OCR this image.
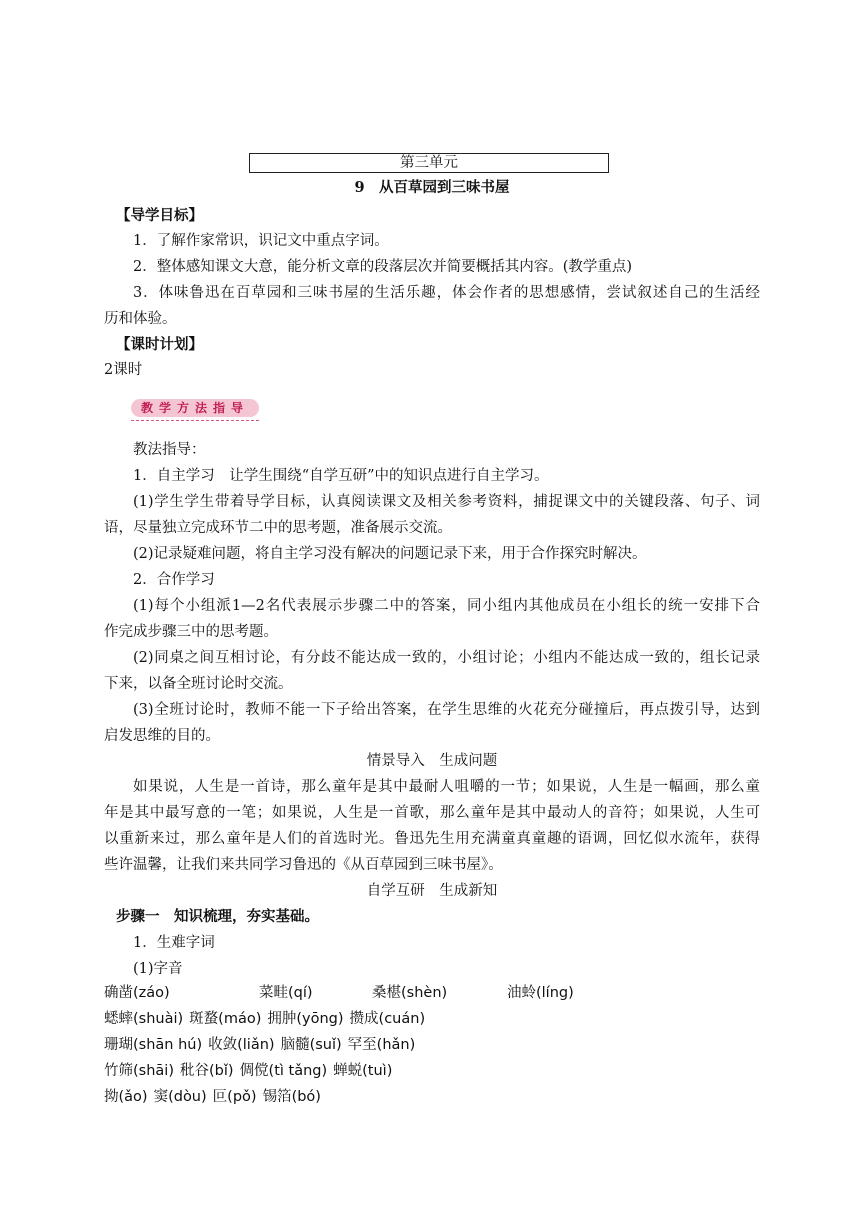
第三单元
9　从百草园到三味书屋
【导学目标】
1．了解作家常识，识记文中重点字词。
2．整体感知课文大意，能分析文章的段落层次并简要概括其内容。(教学重点)
3．体味鲁迅在百草园和三味书屋的生活乐趣，体会作者的思想感情，尝试叙述自己的生活经
历和体验。
【课时计划】
2课时
教学方法指导
教法指导：
1．自主学习　让学生围绕“自学互研”中的知识点进行自主学习。
(1)学生学生带着导学目标，认真阅读课文及相关参考资料，捕捉课文中的关键段落、句子、词
语，尽量独立完成环节二中的思考题，准备展示交流。
(2)记录疑难问题，将自主学习没有解决的问题记录下来，用于合作探究时解决。
2．合作学习
(1)每个小组派1—2名代表展示步骤二中的答案，同小组内其他成员在小组长的统一安排下合
作完成步骤三中的思考题。
(2)同桌之间互相讨论，有分歧不能达成一致的，小组讨论；小组内不能达成一致的，组长记录
下来，以备全班讨论时交流。
(3)全班讨论时，教师不能一下子给出答案，在学生思维的火花充分碰撞后，再点拨引导，达到
启发思维的目的。
情景导入　生成问题
如果说，人生是一首诗，那么童年是其中最耐人咀嚼的一节；如果说，人生是一幅画，那么童
年是其中最写意的一笔；如果说，人生是一首歌，那么童年是其中最动人的音符；如果说，人生可
以重新来过，那么童年是人们的首选时光。鲁迅先生用充满童真童趣的语调，回忆似水流年，获得
些许温馨，让我们来共同学习鲁迅的《从百草园到三味书屋》。
自学互研　生成新知
步骤一　知识梳理，夯实基础。
1．生难字词
(1)字音
确凿(záo)	菜畦(qí)	桑椹(shèn)	油蛉(líng)
蟋蟀(shuài) 斑蝥(máo) 拥肿(yōng) 攒成(cuán)
珊瑚(shān hú) 收敛(liǎn) 脑髓(suǐ) 罕至(hǎn)
竹筛(shāi) 秕谷(bǐ) 倜傥(tì tǎng) 蝉蜕(tuì)
拗(ǎo) 窦(dòu) 叵(pǒ) 锡箔(bó)
